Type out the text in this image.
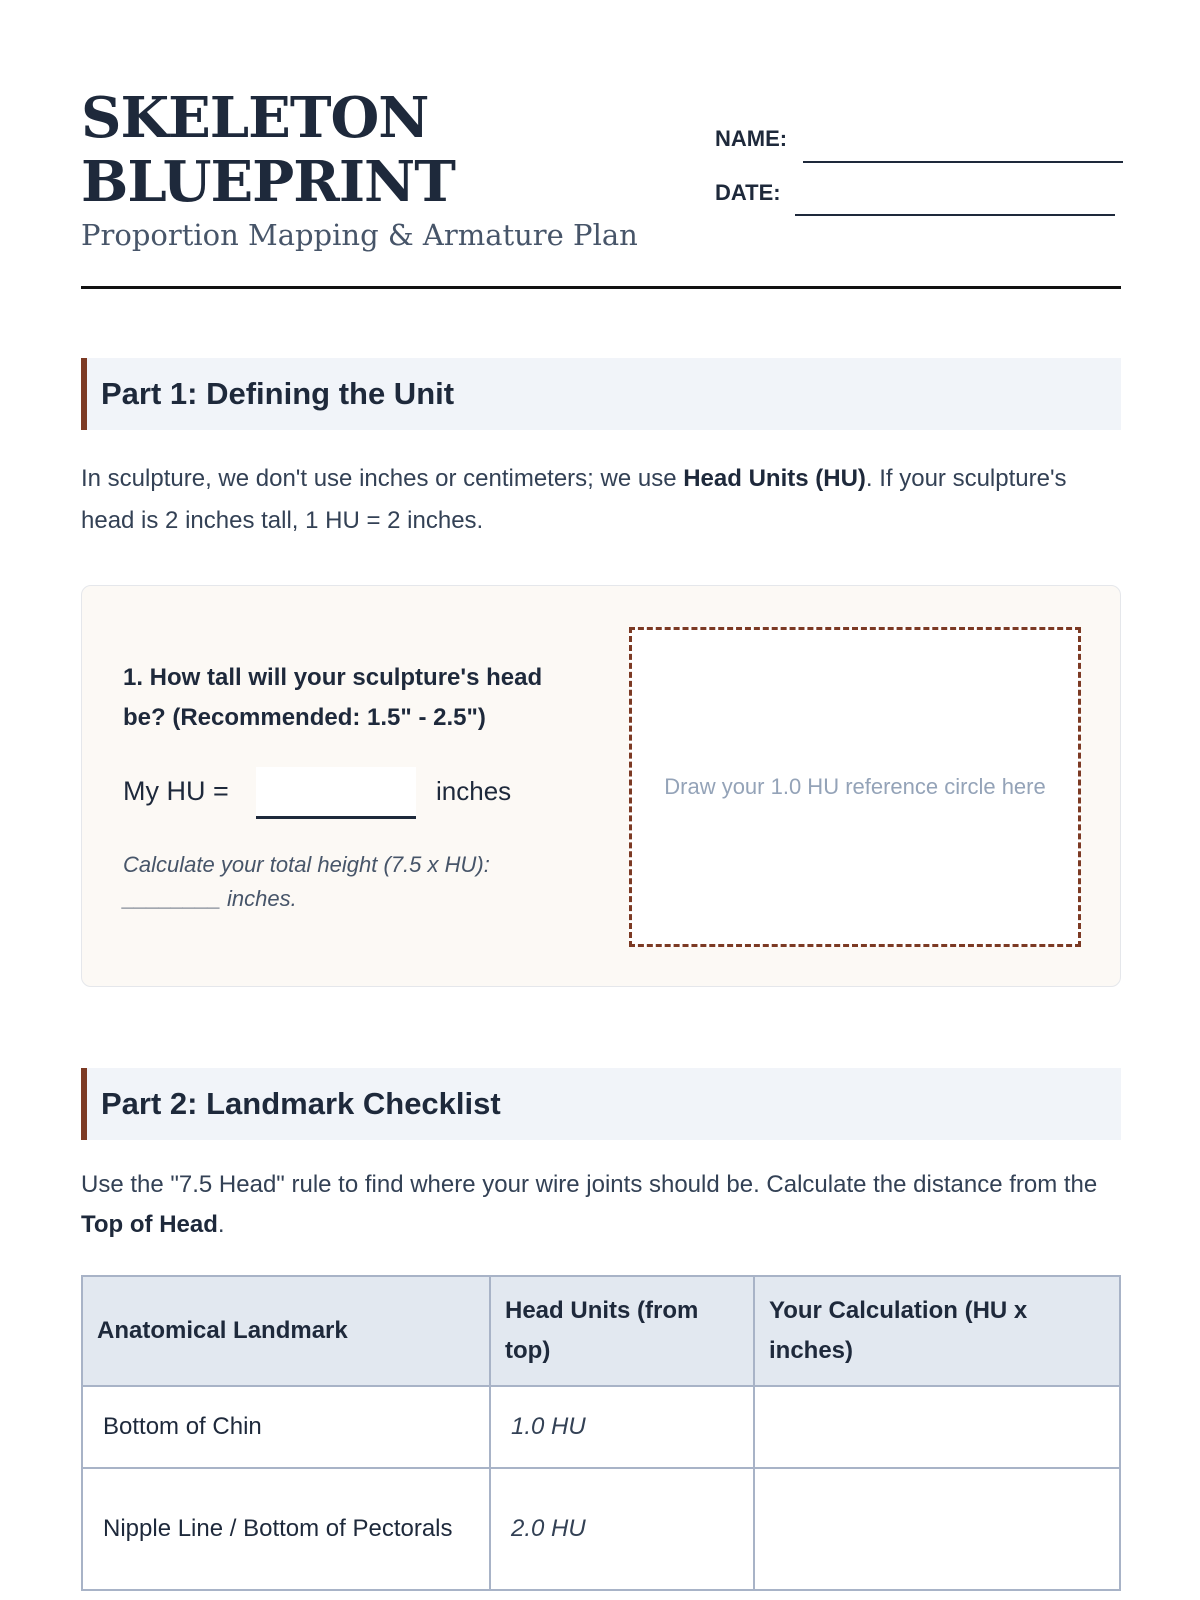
SKELETON
BLUEPRINT
Proportion Mapping & Armature Plan
NAME:
DATE:
Part 1: Defining the Unit
In sculpture, we don't use inches or centimeters; we use Head Units (HU). If your sculpture's head is 2 inches tall, 1 HU = 2 inches.
1. How tall will your sculpture's head be? (Recommended: 1.5" - 2.5")
My HU =	inches
Calculate your total height (7.5 x HU): ________ inches.
Draw your 1.0 HU reference circle here
Part 2: Landmark Checklist
Use the "7.5 Head" rule to find where your wire joints should be. Calculate the distance from the Top of Head.
Anatomical Landmark	Head Units (from top)	Your Calculation (HU x inches)
Bottom of Chin	1.0 HU	
Nipple Line / Bottom of Pectorals	2.0 HU	
